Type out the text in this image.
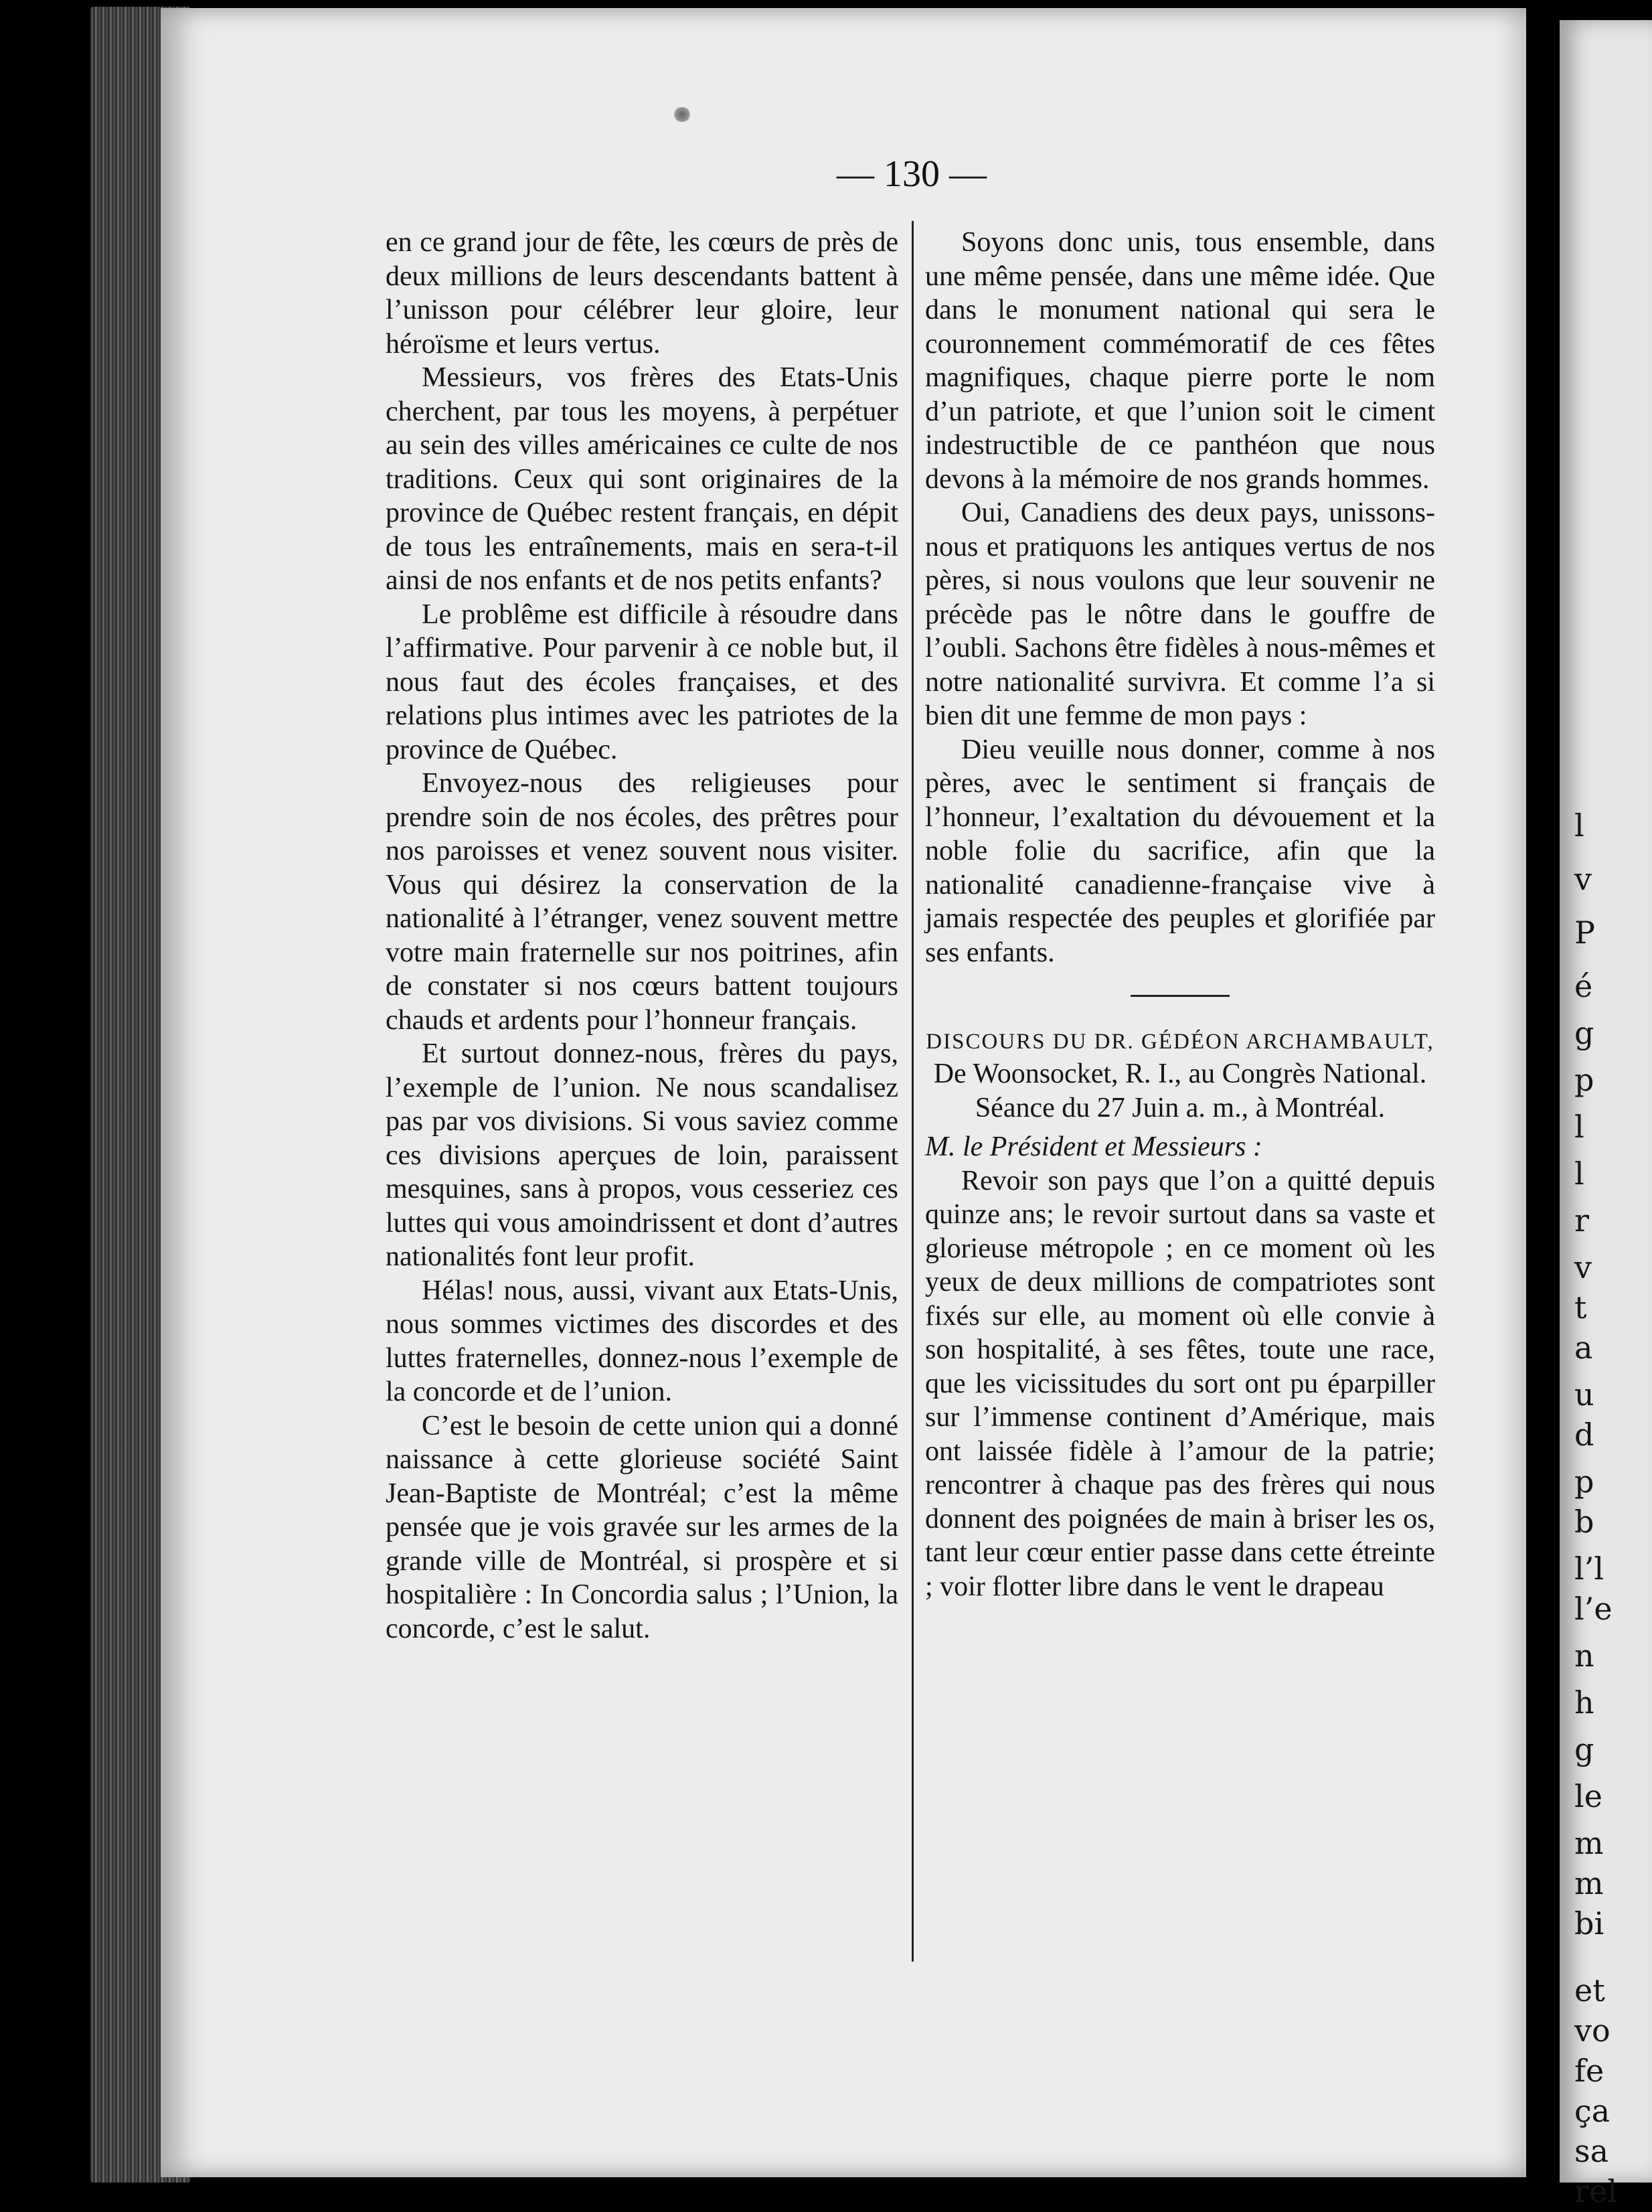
— 130 —

en ce grand jour de fête, les cœurs de près de deux millions de leurs descendants battent à l’unisson pour célébrer leur gloire, leur héroïsme et leurs vertus.

Messieurs, vos frères des Etats-Unis cherchent, par tous les moyens, à perpétuer au sein des villes américaines ce culte de nos traditions. Ceux qui sont originaires de la province de Québec restent français, en dépit de tous les entraînements, mais en sera-t-il ainsi de nos enfants et de nos petits enfants?

Le problême est difficile à résoudre dans l’affirmative. Pour parvenir à ce noble but, il nous faut des écoles françaises, et des relations plus intimes avec les patriotes de la province de Québec.

Envoyez-nous des religieuses pour prendre soin de nos écoles, des prêtres pour nos paroisses et venez souvent nous visiter. Vous qui désirez la conservation de la nationalité à l’étranger, venez souvent mettre votre main fraternelle sur nos poitrines, afin de constater si nos cœurs battent toujours chauds et ardents pour l’honneur français.

Et surtout donnez-nous, frères du pays, l’exemple de l’union. Ne nous scandalisez pas par vos divisions. Si vous saviez comme ces divisions aperçues de loin, paraissent mesquines, sans à propos, vous cesseriez ces luttes qui vous amoindrissent et dont d’autres nationalités font leur profit.

Hélas! nous, aussi, vivant aux Etats-Unis, nous sommes victimes des discordes et des luttes fraternelles, donnez-nous l’exemple de la concorde et de l’union.

C’est le besoin de cette union qui a donné naissance à cette glorieuse société Saint Jean-Baptiste de Montréal; c’est la même pensée que je vois gravée sur les armes de la grande ville de Montréal, si prospère et si hospitalière : In Concordia salus ; l’Union, la concorde, c’est le salut.

Soyons donc unis, tous ensemble, dans une même pensée, dans une même idée. Que dans le monument national qui sera le couronnement commémoratif de ces fêtes magnifiques, chaque pierre porte le nom d’un patriote, et que l’union soit le ciment indestructible de ce panthéon que nous devons à la mémoire de nos grands hommes.

Oui, Canadiens des deux pays, unissons-nous et pratiquons les antiques vertus de nos pères, si nous voulons que leur souvenir ne précède pas le nôtre dans le gouffre de l’oubli. Sachons être fidèles à nous-mêmes et notre nationalité survivra. Et comme l’a si bien dit une femme de mon pays :

Dieu veuille nous donner, comme à nos pères, avec le sentiment si français de l’honneur, l’exaltation du dévouement et la noble folie du sacrifice, afin que la nationalité canadienne-française vive à jamais respectée des peuples et glorifiée par ses enfants.

DISCOURS DU DR. GÉDÉON ARCHAMBAULT,

De Woonsocket, R. I., au Congrès National. Séance du 27 Juin a. m., à Montréal.

M. le Président et Messieurs :

Revoir son pays que l’on a quitté depuis quinze ans; le revoir surtout dans sa vaste et glorieuse métropole ; en ce moment où les yeux de deux millions de compatriotes sont fixés sur elle, au moment où elle convie à son hospitalité, à ses fêtes, toute une race, que les vicissitudes du sort ont pu éparpiller sur l’immense continent d’Amérique, mais ont laissée fidèle à l’amour de la patrie; rencontrer à chaque pas des frères qui nous donnent des poignées de main à briser les os, tant leur cœur entier passe dans cette étreinte ; voir flotter libre dans le vent le drapeau

l
v
P
é
g
p
l
l
r
v
t
a
u
d
p
b
l’l
l’e
n
h
g
le
m
m
bi
et
vo
fe
ça
sa
rel
